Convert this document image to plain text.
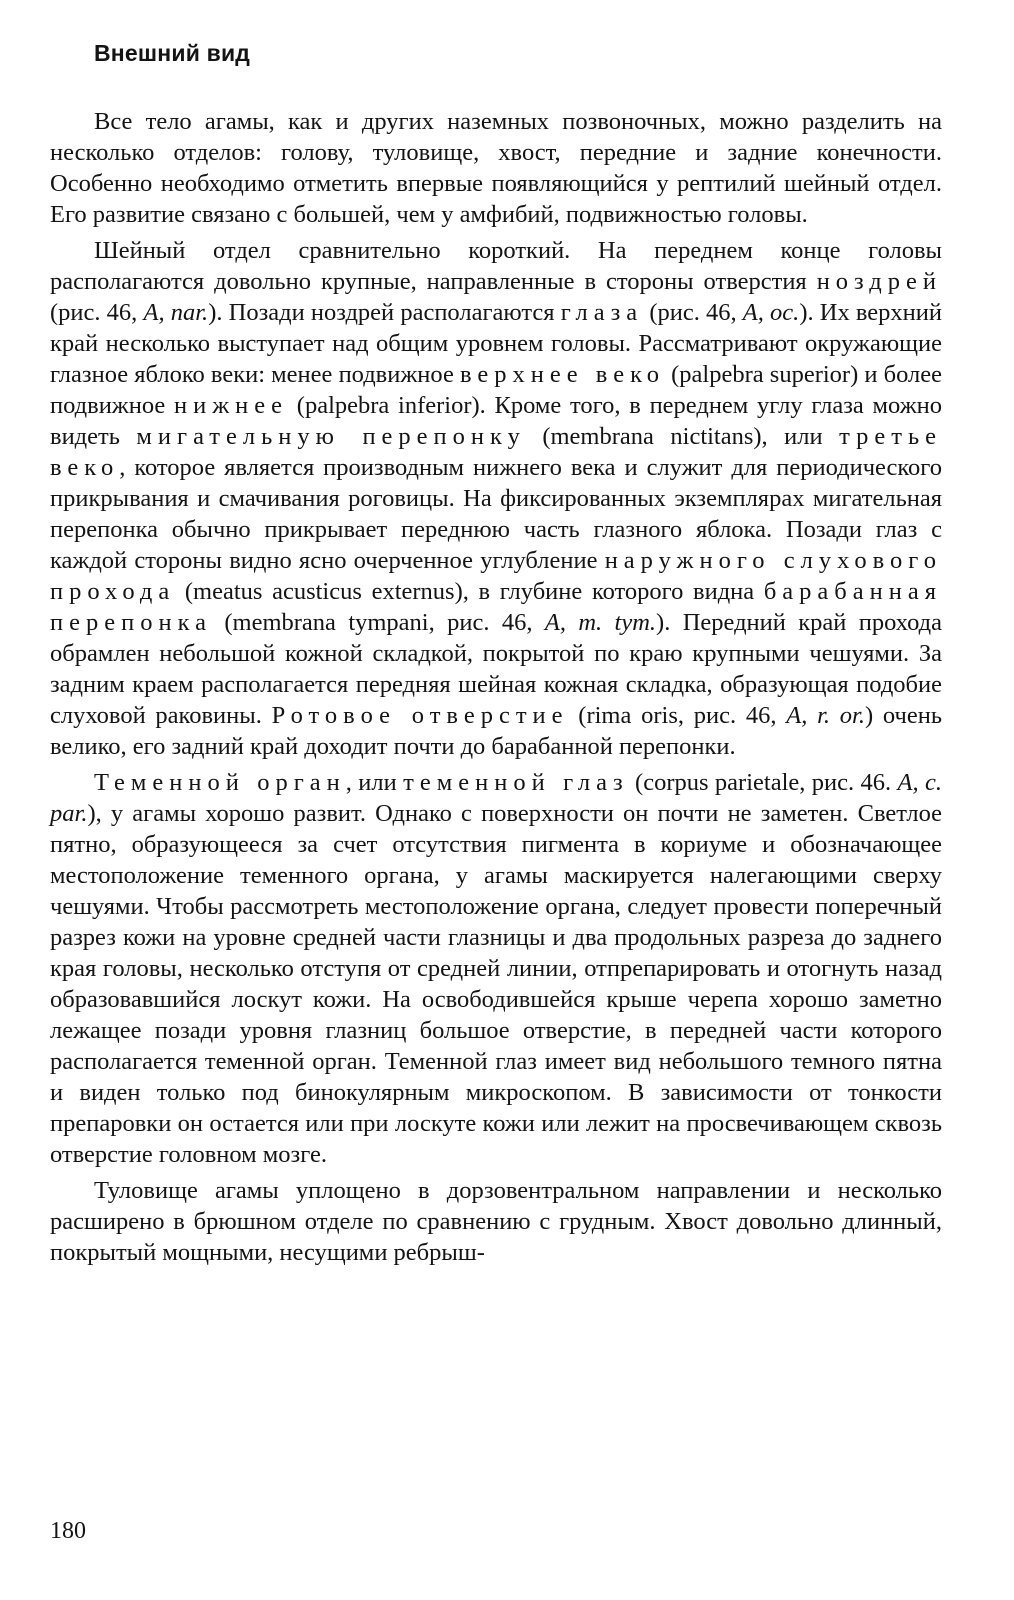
Внешний вид

Все тело агамы, как и других наземных позвоночных, можно разделить на несколько отделов: голову, туловище, хвост, передние и задние конечности. Особенно необходимо отметить впервые появляющийся у рептилий шейный отдел. Его развитие связано с большей, чем у амфибий, подвижностью головы.

Шейный отдел сравнительно короткий. На переднем конце головы располагаются довольно крупные, направленные в стороны отверстия ноздрей (рис. 46, А, nar.). Позади ноздрей располагаются глаза (рис. 46, А, ос.). Их верхний край несколько выступает над общим уровнем головы. Рассматривают окружающие глазное яблоко веки: менее подвижное верхнее веко (palpebra superior) и более подвижное нижнее (palpebra inferior). Кроме того, в переднем углу глаза можно видеть мигательную перепонку (membrana nictitans), или третье веко, которое является производным нижнего века и служит для периодического прикрывания и смачивания роговицы. На фиксированных экземплярах мигательная перепонка обычно прикрывает переднюю часть глазного яблока. Позади глаз с каждой стороны видно ясно очерченное углубление наружного слухового прохода (meatus acusticus externus), в глубине которого видна барабанная перепонка (membrana tympani, рис. 46, A, m. tym.). Передний край прохода обрамлен небольшой кожной складкой, покрытой по краю крупными чешуями. За задним краем располагается передняя шейная кожная складка, образующая подобие слуховой раковины. Ротовое отверстие (rima oris, рис. 46, A, r. or.) очень велико, его задний край доходит почти до барабанной перепонки.

Теменной орган, или теменной глаз (corpus parietale, рис. 46. A, c. par.), у агамы хорошо развит. Однако с поверхности он почти не заметен. Светлое пятно, образующееся за счет отсутствия пигмента в кориуме и обозначающее местоположение теменного органа, у агамы маскируется налегающими сверху чешуями. Чтобы рассмотреть местоположение органа, следует провести поперечный разрез кожи на уровне средней части глазницы и два продольных разреза до заднего края головы, несколько отступя от средней линии, отпрепарировать и отогнуть назад образовавшийся лоскут кожи. На освободившейся крыше черепа хорошо заметно лежащее позади уровня глазниц большое отверстие, в передней части которого располагается теменной орган. Теменной глаз имеет вид небольшого темного пятна и виден только под бинокулярным микроскопом. В зависимости от тонкости препаровки он остается или при лоскуте кожи или лежит на просвечивающем сквозь отверстие головном мозге.

Туловище агамы уплощено в дорзовентральном направлении и несколько расширено в брюшном отделе по сравнению с грудным. Хвост довольно длинный, покрытый мощными, несущими ребрыш-

180
